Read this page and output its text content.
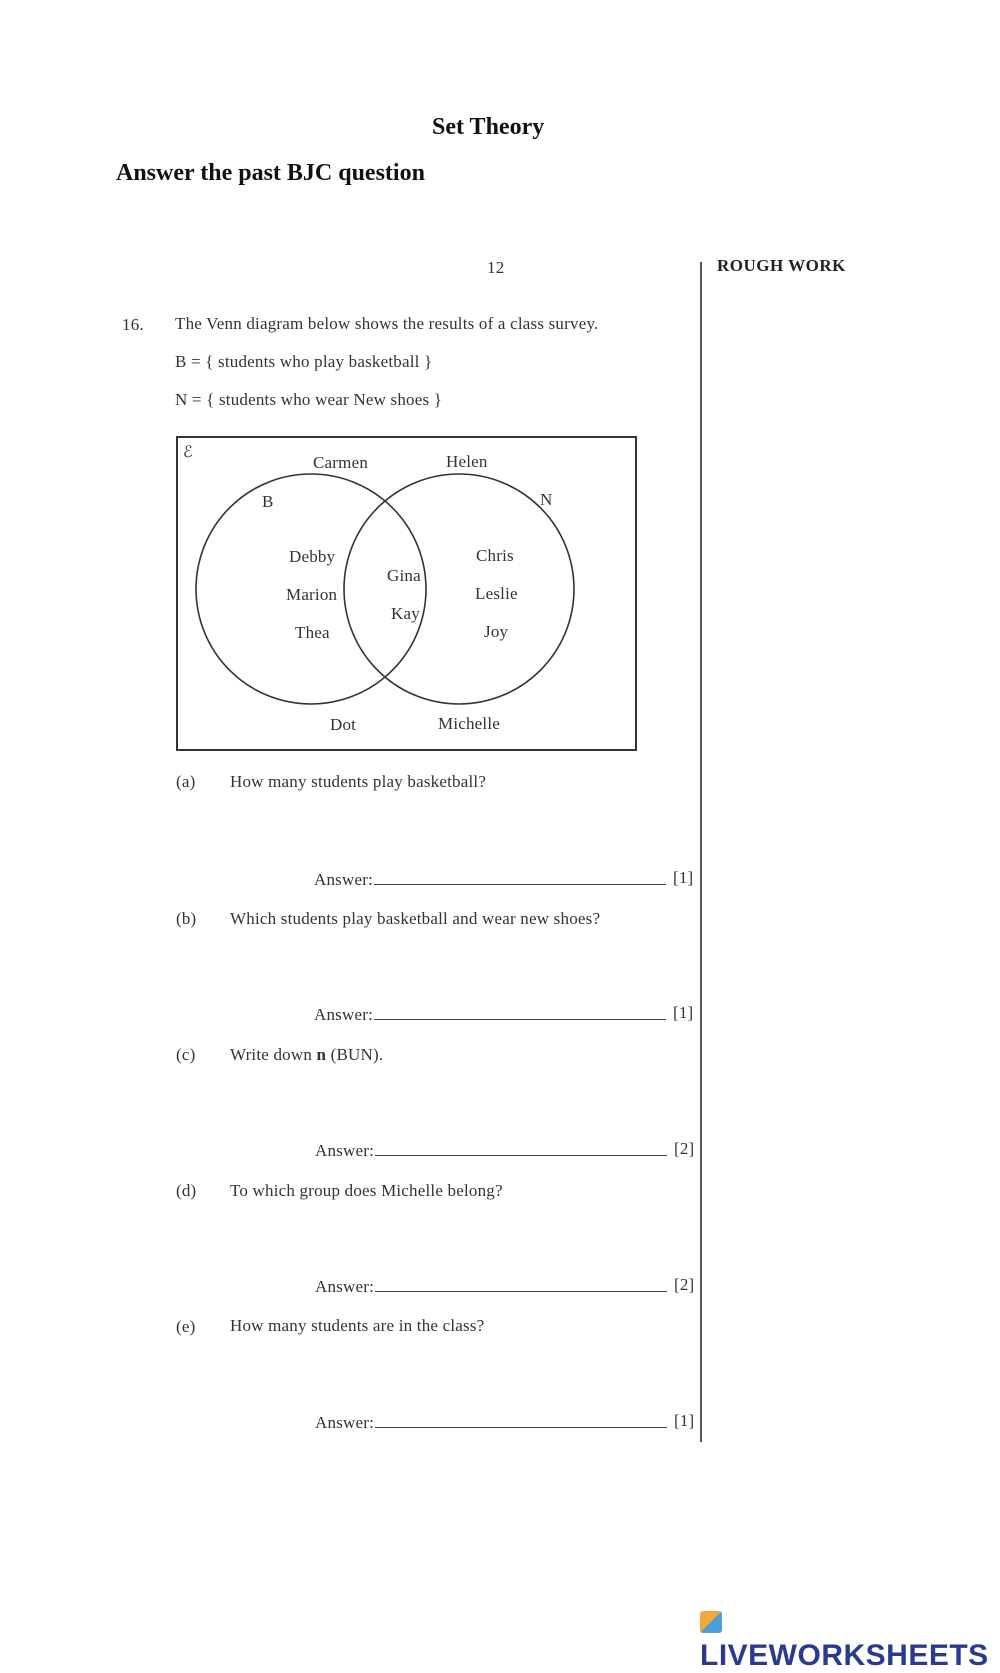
Set Theory
Answer the past BJC question
12	ROUGH WORK
16. The Venn diagram below shows the results of a class survey.
B = { students who play basketball }
N = { students who wear New shoes }
ℰ
B	N
Carmen	Helen
Dot	Michelle
Debby
Marion
Thea
Gina
Kay
Chris
Leslie
Joy
(a) How many students play basketball?
Answer:	[1]
(b) Which students play basketball and wear new shoes?
Answer:	[1]
(c) Write down n (BUN).
Answer:	[2]
(d) To which group does Michelle belong?
Answer:	[2]
(e) How many students are in the class?
Answer:	[1]
LIVEWORKSHEETS
